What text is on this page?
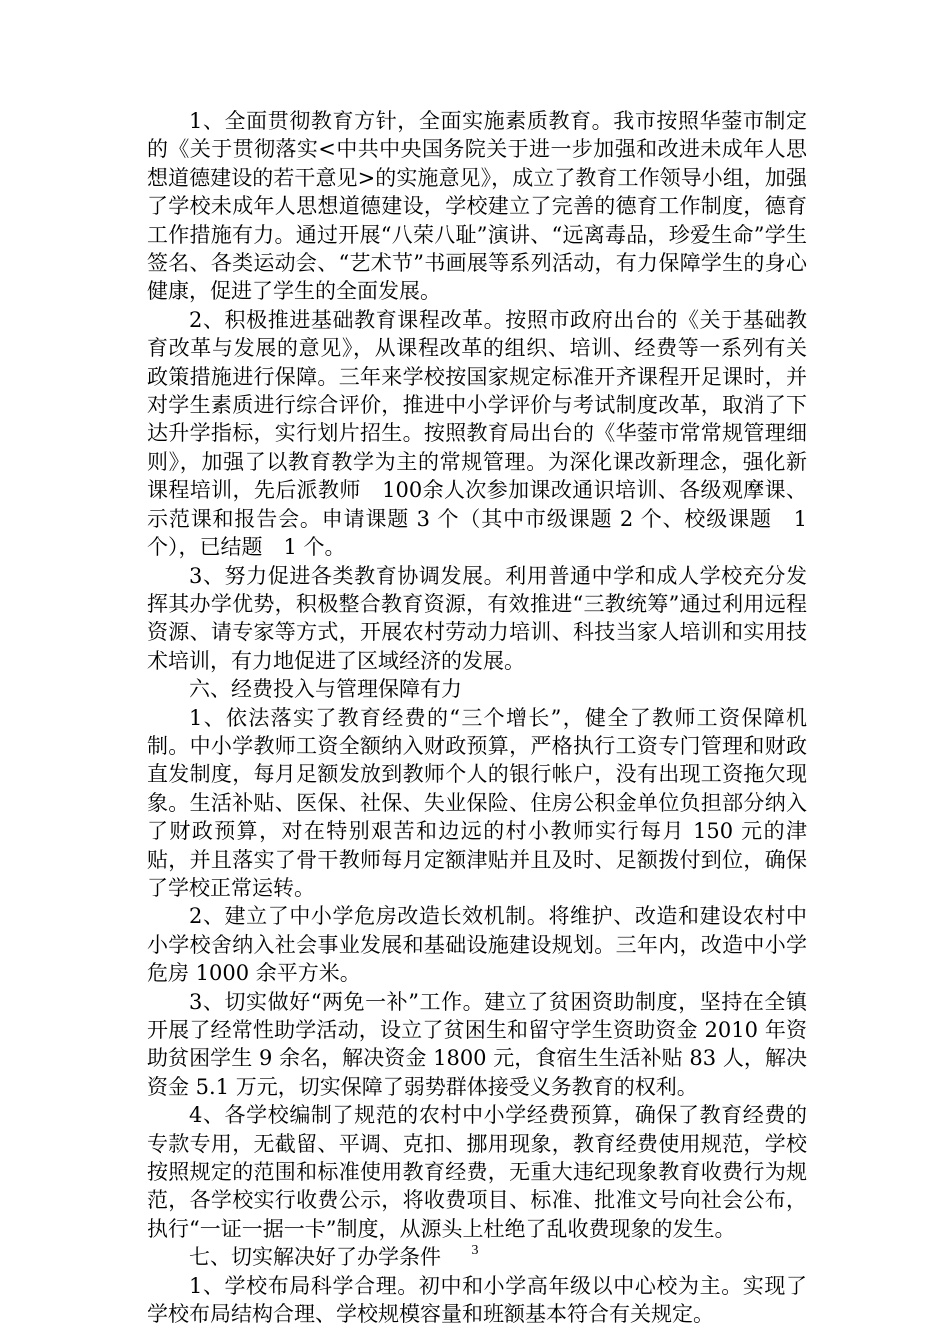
1、全面贯彻教育方针，全面实施素质教育。我市按照华蓥市制定的《关于贯彻落实<中共中央国务院关于进一步加强和改进未成年人思想道德建设的若干意见>的实施意见》，成立了教育工作领导小组，加强了学校未成年人思想道德建设，学校建立了完善的德育工作制度，德育工作措施有力。通过开展“八荣八耻”演讲、“远离毒品，珍爱生命”学生签名、各类运动会、“艺术节”书画展等系列活动，有力保障学生的身心健康，促进了学生的全面发展。

2、积极推进基础教育课程改革。按照市政府出台的《关于基础教育改革与发展的意见》，从课程改革的组织、培训、经费等一系列有关政策措施进行保障。三年来学校按国家规定标准开齐课程开足课时，并对学生素质进行综合评价，推进中小学评价与考试制度改革，取消了下达升学指标，实行划片招生。按照教育局出台的《华蓥市常常规管理细则》，加强了以教育教学为主的常规管理。为深化课改新理念，强化新课程培训，先后派教师　100余人次参加课改通识培训、各级观摩课、示范课和报告会。申请课题 3 个（其中市级课题 2 个、校级课题　1 个），已结题　1 个。

3、努力促进各类教育协调发展。利用普通中学和成人学校充分发挥其办学优势，积极整合教育资源，有效推进“三教统筹”通过利用远程资源、请专家等方式，开展农村劳动力培训、科技当家人培训和实用技术培训，有力地促进了区域经济的发展。

六、经费投入与管理保障有力

1、依法落实了教育经费的“三个增长”，健全了教师工资保障机制。中小学教师工资全额纳入财政预算，严格执行工资专门管理和财政直发制度，每月足额发放到教师个人的银行帐户，没有出现工资拖欠现象。生活补贴、医保、社保、失业保险、住房公积金单位负担部分纳入了财政预算，对在特别艰苦和边远的村小教师实行每月 150 元的津贴，并且落实了骨干教师每月定额津贴并且及时、足额拨付到位，确保了学校正常运转。

2、建立了中小学危房改造长效机制。将维护、改造和建设农村中小学校舍纳入社会事业发展和基础设施建设规划。三年内，改造中小学危房 1000 余平方米。

3、切实做好“两免一补”工作。建立了贫困资助制度，坚持在全镇开展了经常性助学活动，设立了贫困生和留守学生资助资金 2010 年资助贫困学生 9 余名，解决资金 1800 元，食宿生生活补贴 83 人，解决资金 5.1 万元，切实保障了弱势群体接受义务教育的权利。

4、各学校编制了规范的农村中小学经费预算，确保了教育经费的专款专用，无截留、平调、克扣、挪用现象，教育经费使用规范，学校按照规定的范围和标准使用教育经费，无重大违纪现象教育收费行为规范，各学校实行收费公示，将收费项目、标准、批准文号向社会公布，执行“一证一据一卡”制度，从源头上杜绝了乱收费现象的发生。

七、切实解决好了办学条件

1、学校布局科学合理。初中和小学高年级以中心校为主。实现了学校布局结构合理、学校规模容量和班额基本符合有关规定。

3
